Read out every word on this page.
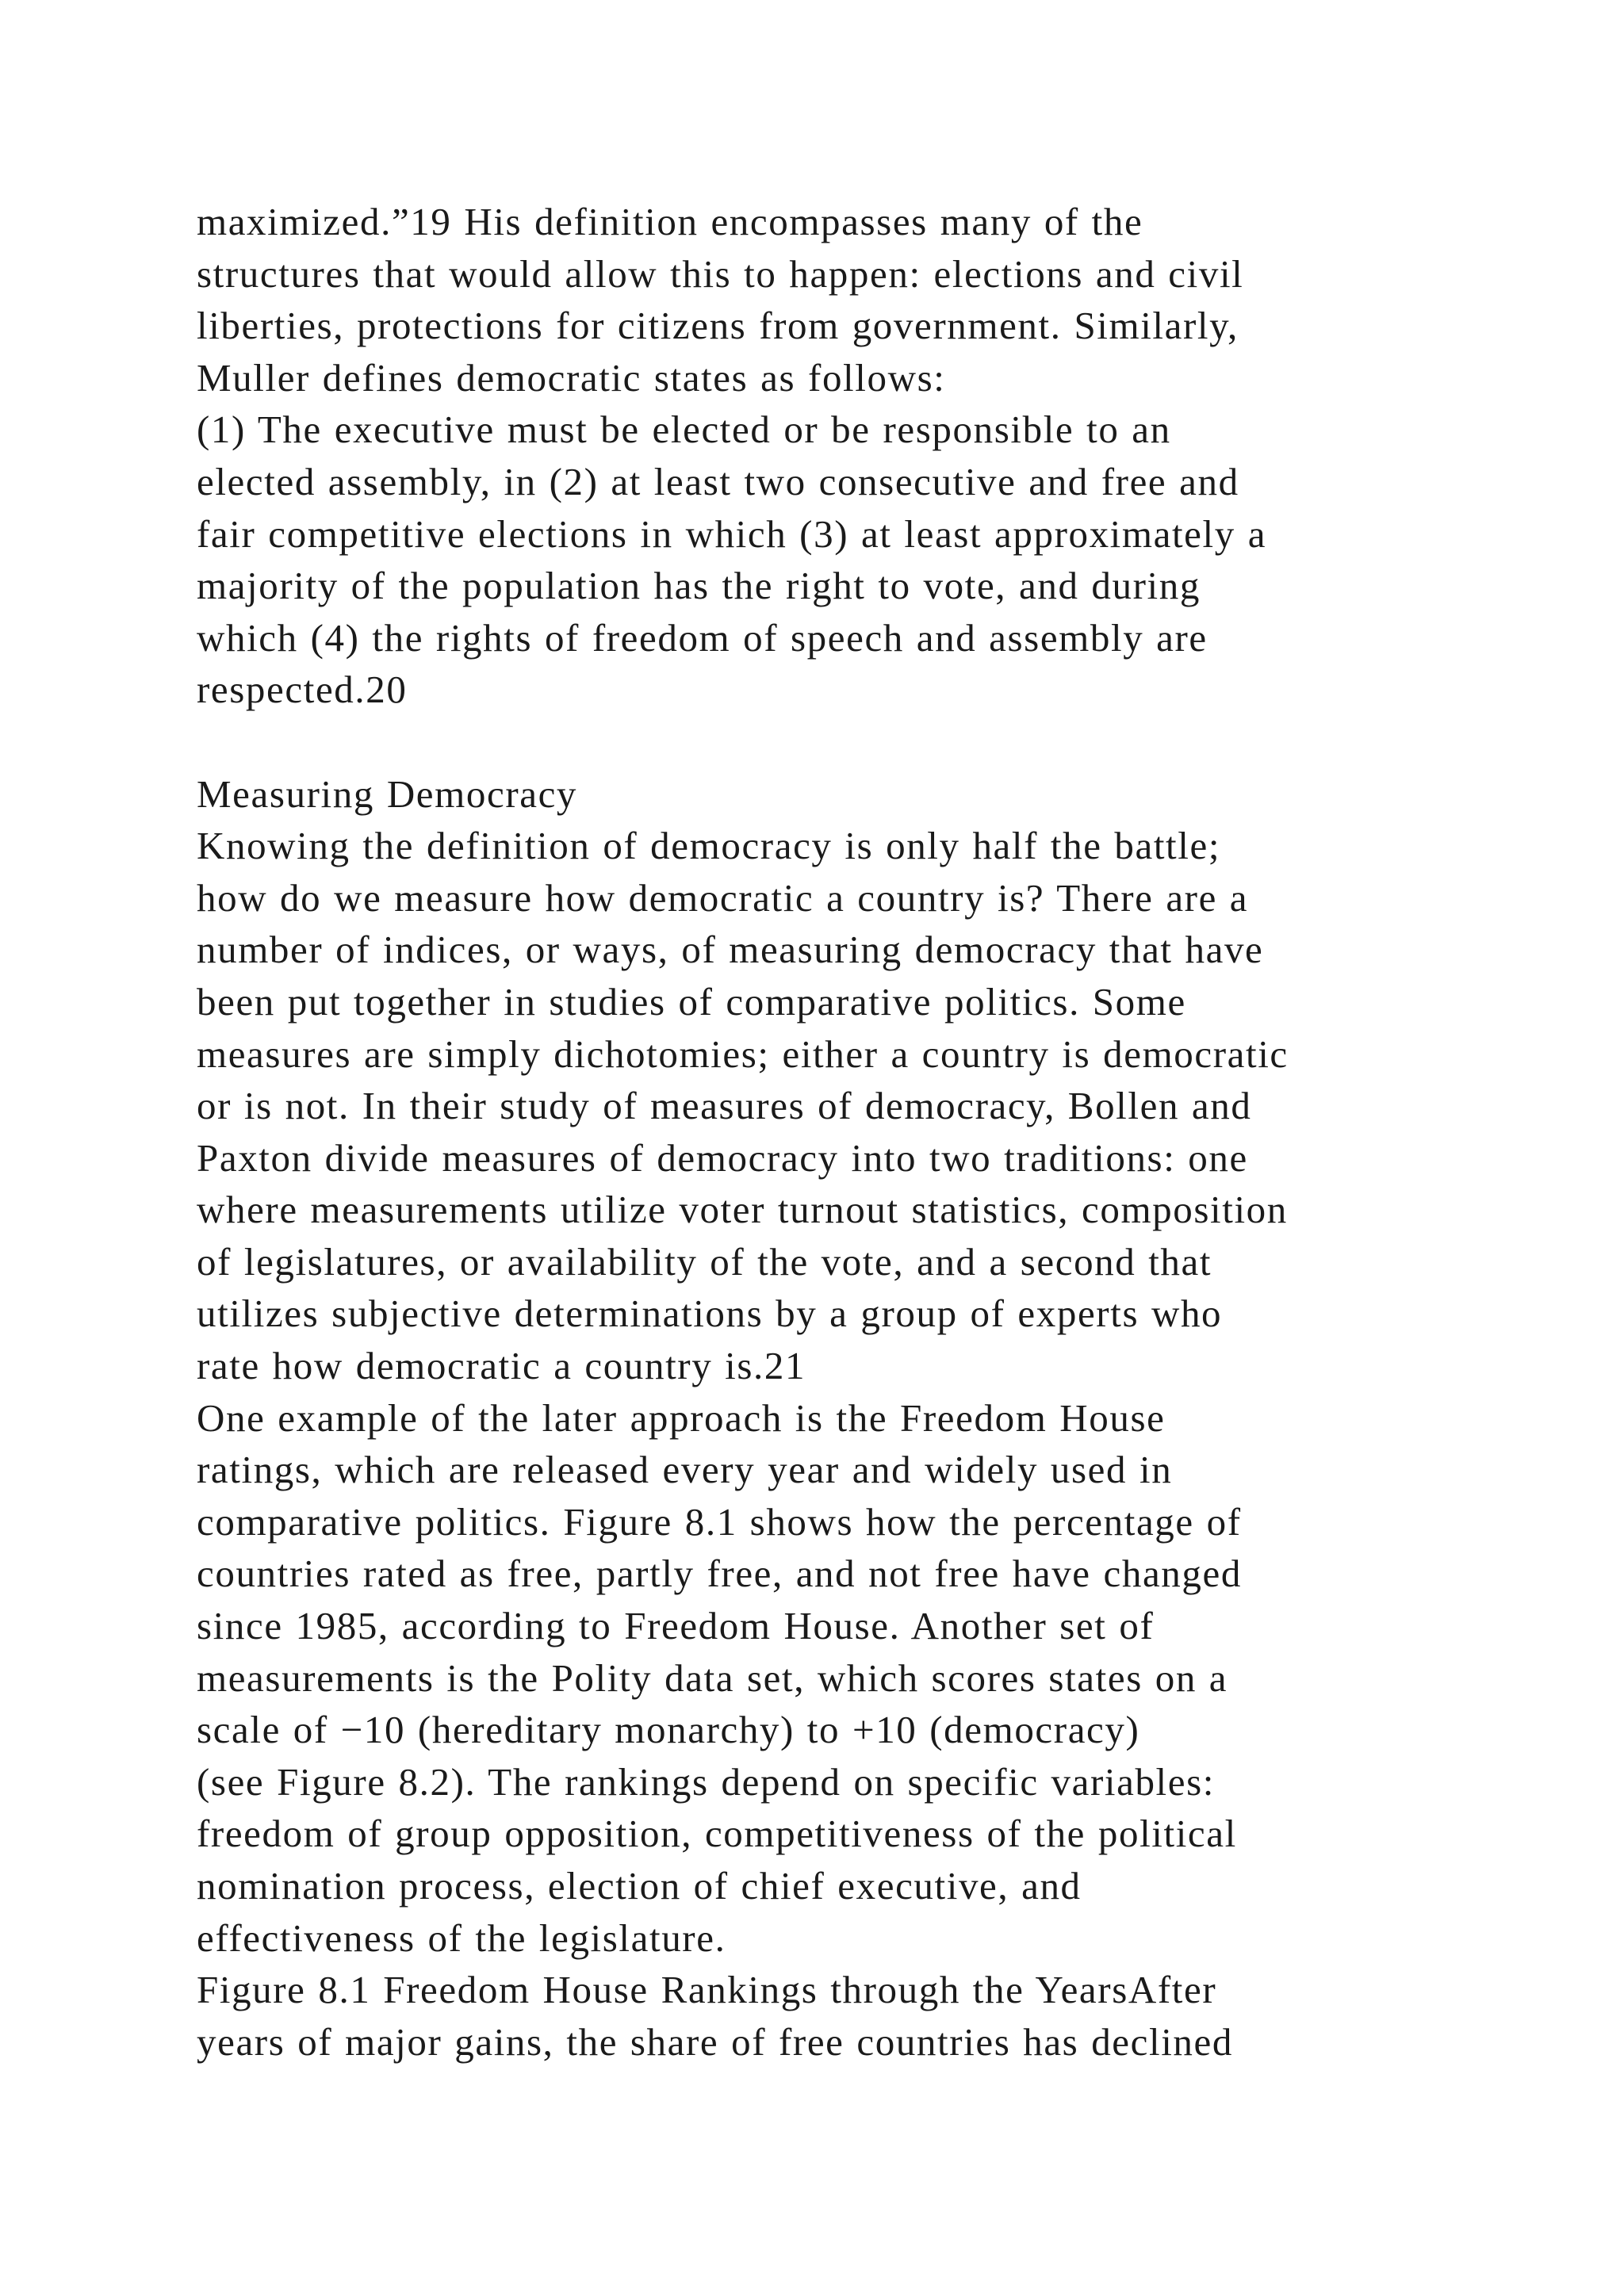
maximized.”19 His definition encompasses many of the
structures that would allow this to happen: elections and civil
liberties, protections for citizens from government. Similarly,
Muller defines democratic states as follows:
(1) The executive must be elected or be responsible to an
elected assembly, in (2) at least two consecutive and free and
fair competitive elections in which (3) at least approximately a
majority of the population has the right to vote, and during
which (4) the rights of freedom of speech and assembly are
respected.20
Measuring Democracy
Knowing the definition of democracy is only half the battle;
how do we measure how democratic a country is? There are a
number of indices, or ways, of measuring democracy that have
been put together in studies of comparative politics. Some
measures are simply dichotomies; either a country is democratic
or is not. In their study of measures of democracy, Bollen and
Paxton divide measures of democracy into two traditions: one
where measurements utilize voter turnout statistics, composition
of legislatures, or availability of the vote, and a second that
utilizes subjective determinations by a group of experts who
rate how democratic a country is.21
One example of the later approach is the Freedom House
ratings, which are released every year and widely used in
comparative politics. Figure 8.1 shows how the percentage of
countries rated as free, partly free, and not free have changed
since 1985, according to Freedom House. Another set of
measurements is the Polity data set, which scores states on a
scale of −10 (hereditary monarchy) to +10 (democracy)
(see Figure 8.2). The rankings depend on specific variables:
freedom of group opposition, competitiveness of the political
nomination process, election of chief executive, and
effectiveness of the legislature.
Figure 8.1 Freedom House Rankings through the YearsAfter
years of major gains, the share of free countries has declined
